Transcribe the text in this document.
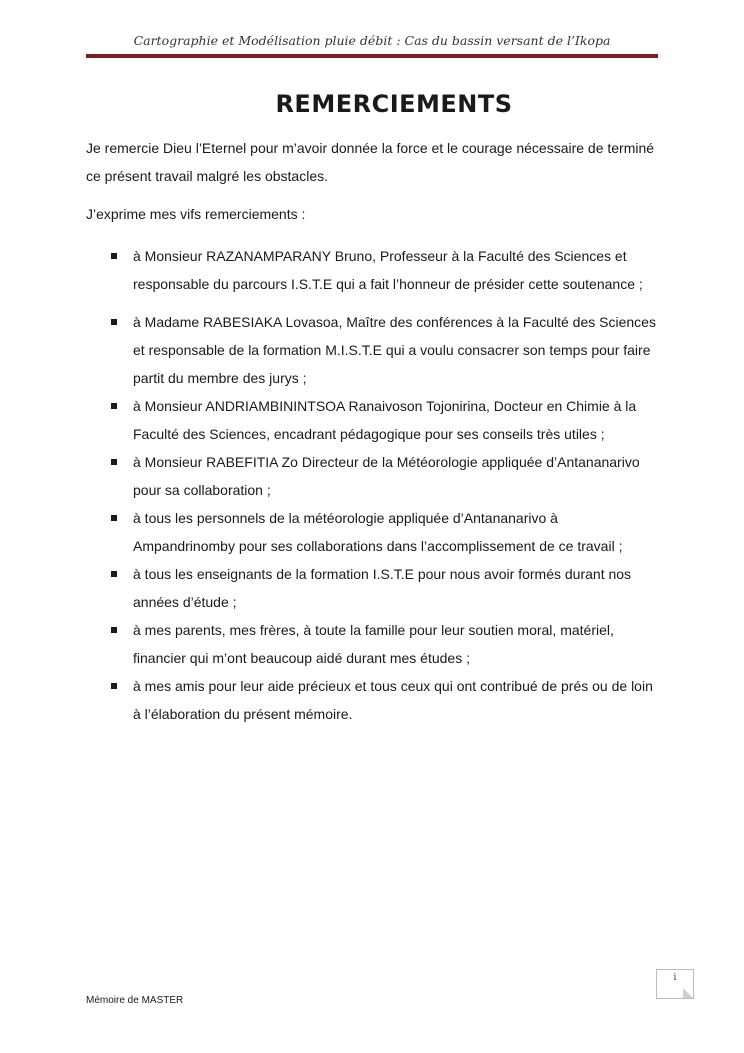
Cartographie et Modélisation pluie débit : Cas du bassin versant de l’Ikopa
REMERCIEMENTS
Je remercie Dieu l’Eternel pour m’avoir donnée la force et le courage nécessaire de terminé ce présent travail malgré les obstacles.
J’exprime mes vifs remerciements :
à Monsieur RAZANAMPARANY Bruno, Professeur à la Faculté des Sciences et responsable du parcours I.S.T.E qui a fait l’honneur de présider cette soutenance ;
à Madame RABESIAKA Lovasoa, Maître des conférences à la Faculté des Sciences et responsable de la formation M.I.S.T.E qui a voulu consacrer son temps pour faire partit du membre des jurys ;
à Monsieur ANDRIAMBININTSOA Ranaivoson Tojonirina, Docteur en Chimie à la Faculté des Sciences, encadrant pédagogique pour ses conseils très utiles ;
à Monsieur RABEFITIA Zo Directeur de la Météorologie appliquée d’Antananarivo pour sa collaboration ;
à tous les personnels de la météorologie appliquée d’Antananarivo à Ampandrinomby pour ses collaborations dans l’accomplissement de ce travail ;
à tous les enseignants de la formation I.S.T.E pour nous avoir formés durant nos années d’étude ;
à mes parents, mes frères, à toute la famille pour leur soutien moral, matériel, financier qui m’ont beaucoup aidé durant mes études ;
à mes amis pour leur aide précieux et tous ceux qui ont contribué de prés ou de loin à l’élaboration du présent mémoire.
i
Mémoire de MASTER
